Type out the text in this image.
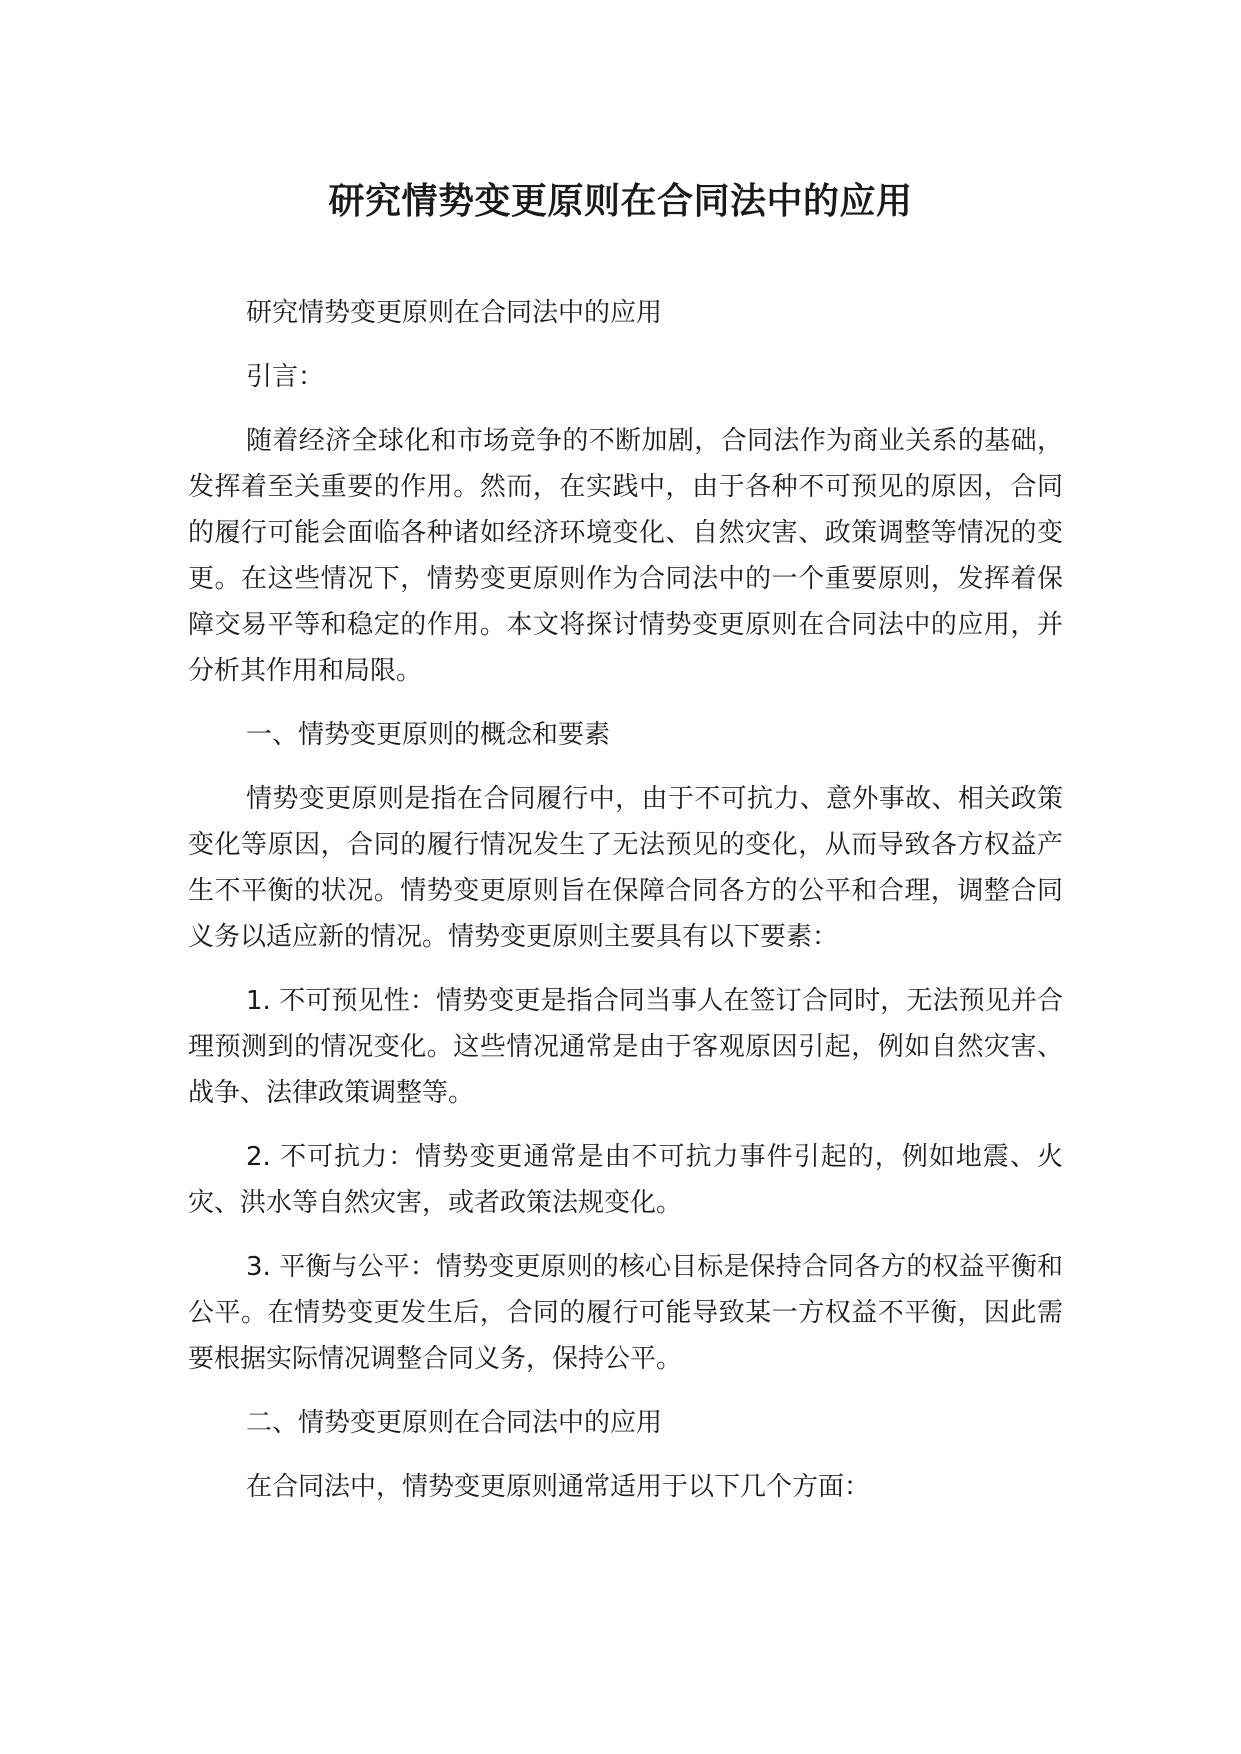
研究情势变更原则在合同法中的应用

研究情势变更原则在合同法中的应用

引言：

随着经济全球化和市场竞争的不断加剧，合同法作为商业关系的基础，发挥着至关重要的作用。然而，在实践中，由于各种不可预见的原因，合同的履行可能会面临各种诸如经济环境变化、自然灾害、政策调整等情况的变更。在这些情况下，情势变更原则作为合同法中的一个重要原则，发挥着保障交易平等和稳定的作用。本文将探讨情势变更原则在合同法中的应用，并分析其作用和局限。

一、情势变更原则的概念和要素

情势变更原则是指在合同履行中，由于不可抗力、意外事故、相关政策变化等原因，合同的履行情况发生了无法预见的变化，从而导致各方权益产生不平衡的状况。情势变更原则旨在保障合同各方的公平和合理，调整合同义务以适应新的情况。情势变更原则主要具有以下要素：

1. 不可预见性：情势变更是指合同当事人在签订合同时，无法预见并合理预测到的情况变化。这些情况通常是由于客观原因引起，例如自然灾害、战争、法律政策调整等。

2. 不可抗力：情势变更通常是由不可抗力事件引起的，例如地震、火灾、洪水等自然灾害，或者政策法规变化。

3. 平衡与公平：情势变更原则的核心目标是保持合同各方的权益平衡和公平。在情势变更发生后，合同的履行可能导致某一方权益不平衡，因此需要根据实际情况调整合同义务，保持公平。

二、情势变更原则在合同法中的应用

在合同法中，情势变更原则通常适用于以下几个方面：
